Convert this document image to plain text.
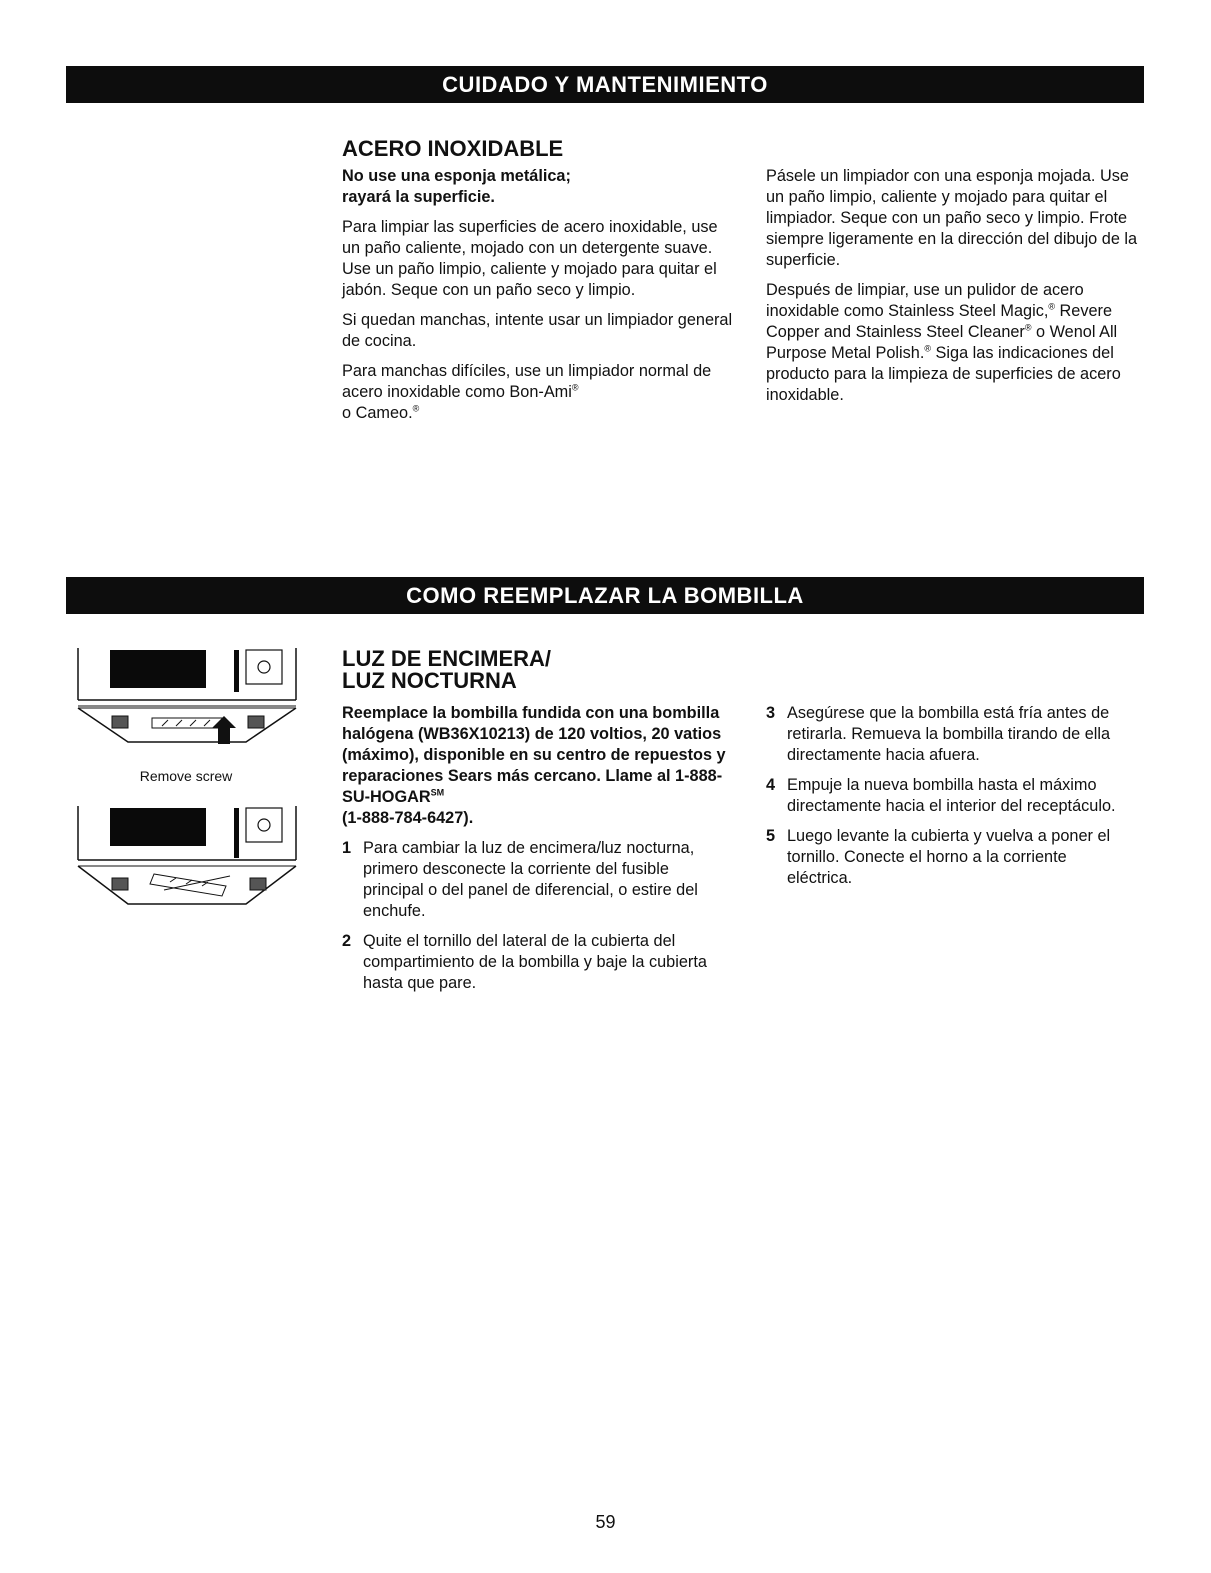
CUIDADO Y MANTENIMIENTO
ACERO INOXIDABLE

No use una esponja metálica;
rayará la superficie.

Para limpiar las superficies de acero inoxidable, use un paño caliente, mojado con un detergente suave. Use un paño limpio, caliente y mojado para quitar el jabón. Seque con un paño seco y limpio.

Si quedan manchas, intente usar un limpiador general de cocina.

Para manchas difíciles, use un limpiador normal de acero inoxidable como Bon-Ami®
o Cameo.®

Pásele un limpiador con una esponja mojada. Use un paño limpio, caliente y mojado para quitar el limpiador. Seque con un paño seco y limpio. Frote siempre ligeramente en la dirección del dibujo de la superficie.

Después de limpiar, use un pulidor de acero inoxidable como Stainless Steel Magic,® Revere Copper and Stainless Steel Cleaner® o Wenol All Purpose Metal Polish.® Siga las indicaciones del producto para la limpieza de superficies de acero inoxidable.

COMO REEMPLAZAR LA BOMBILLA
Remove screw
LUZ DE ENCIMERA/
LUZ NOCTURNA

Reemplace la bombilla fundida con una bombilla halógena (WB36X10213) de 120 voltios, 20 vatios (máximo), disponible en su centro de repuestos y reparaciones Sears más cercano. Llame al 1-888-SU-HOGAR℠
(1-888-784-6427).

1 Para cambiar la luz de encimera/luz nocturna, primero desconecte la corriente del fusible principal o del panel de diferencial, o estire del enchufe.
2 Quite el tornillo del lateral de la cubierta del compartimiento de la bombilla y baje la cubierta hasta que pare.
3 Asegúrese que la bombilla está fría antes de retirarla. Remueva la bombilla tirando de ella directamente hacia afuera.
4 Empuje la nueva bombilla hasta el máximo directamente hacia el interior del receptáculo.
5 Luego levante la cubierta y vuelva a poner el tornillo. Conecte el horno a la corriente eléctrica.
59
